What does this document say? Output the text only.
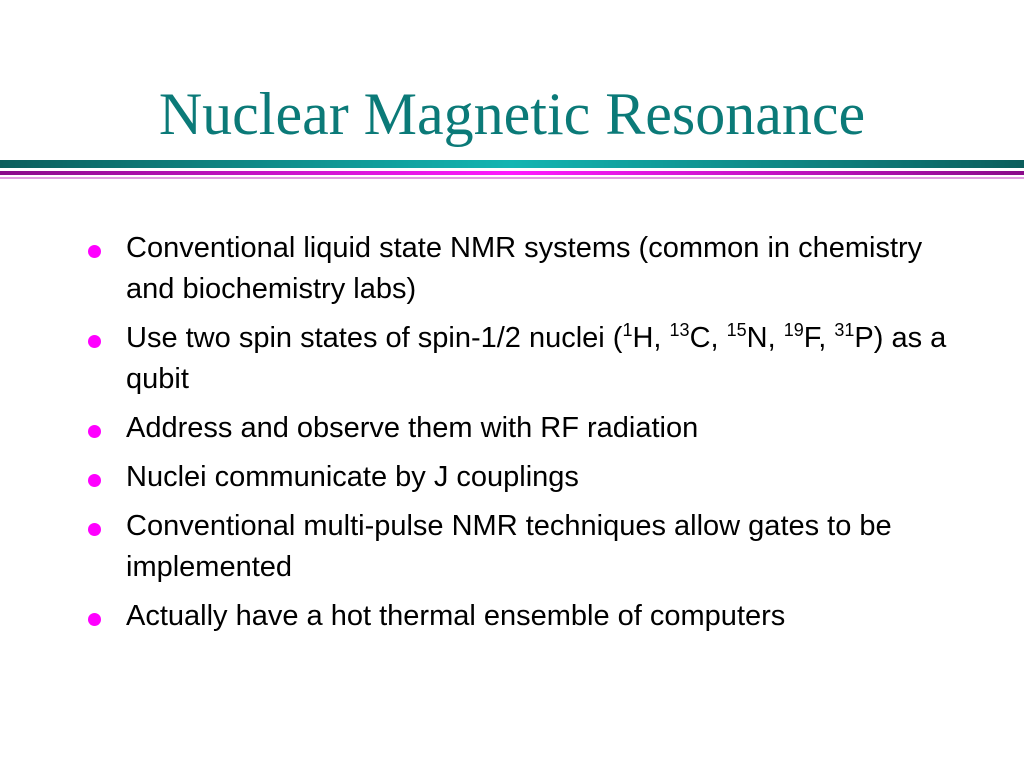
Nuclear Magnetic Resonance
Conventional liquid state NMR systems (common in chemistry and biochemistry labs)
Use two spin states of spin-1/2 nuclei ($^1$H, $^{13}$C, $^{15}$N, $^{19}$F, $^{31}$P) as a qubit
Address and observe them with RF radiation
Nuclei communicate by J couplings
Conventional multi-pulse NMR techniques allow gates to be implemented
Actually have a hot thermal ensemble of computers
